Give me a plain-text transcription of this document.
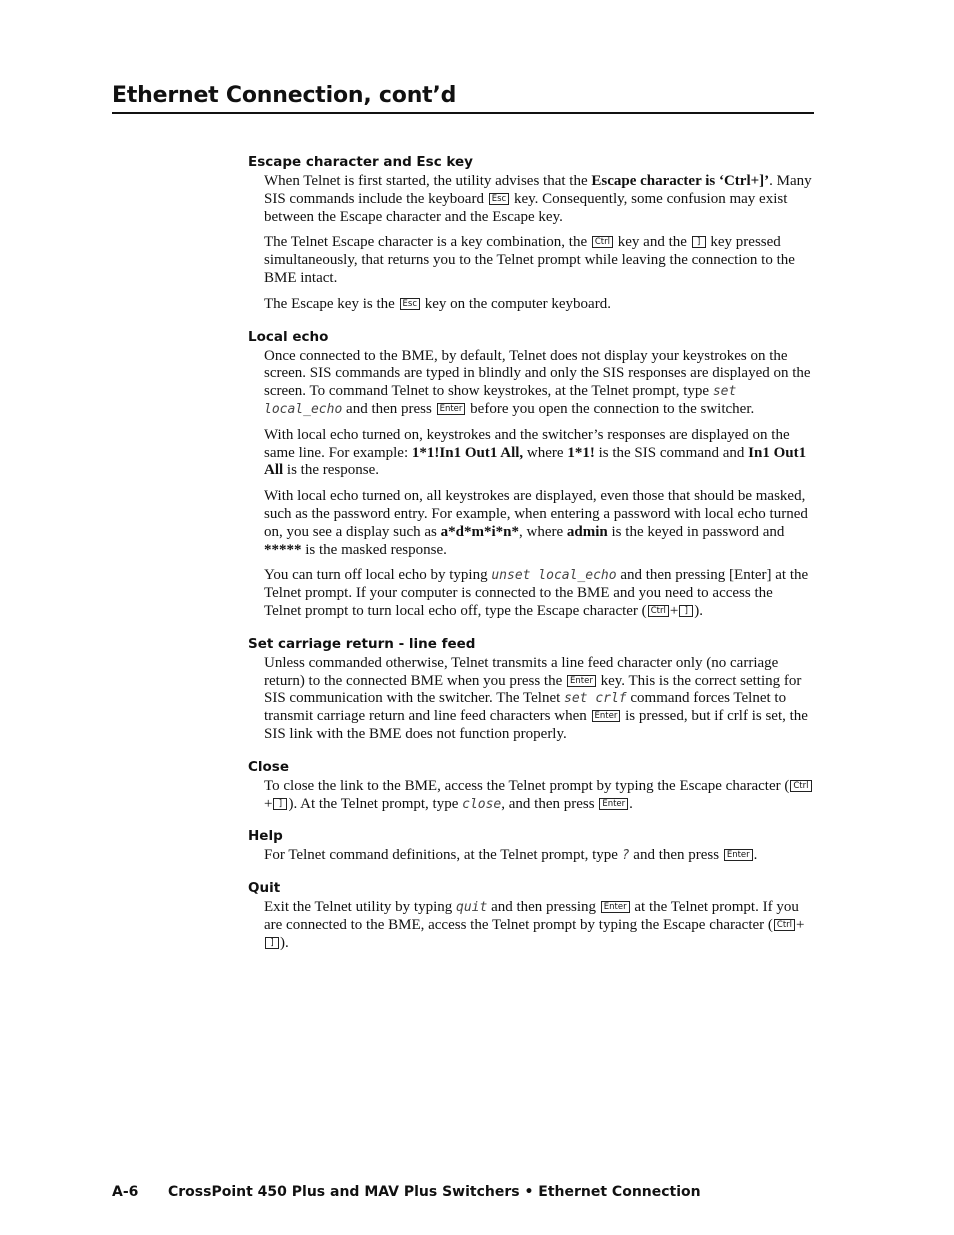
Ethernet Connection, cont’d
Escape character and Esc key

When Telnet is first started, the utility advises that the Escape character is ‘Ctrl+]’. Many SIS commands include the keyboard Esc key. Consequently, some confusion may exist between the Escape character and the Escape key.

The Telnet Escape character is a key combination, the Ctrl key and the ] key pressed simultaneously, that returns you to the Telnet prompt while leaving the connection to the BME intact.

The Escape key is the Esc key on the computer keyboard.

Local echo

Once connected to the BME, by default, Telnet does not display your keystrokes on the screen. SIS commands are typed in blindly and only the SIS responses are displayed on the screen. To command Telnet to show keystrokes, at the Telnet prompt, type set local_echo and then press Enter before you open the connection to the switcher.

With local echo turned on, keystrokes and the switcher’s responses are displayed on the same line. For example: 1*1!In1 Out1 All, where 1*1! is the SIS command and In1 Out1 All is the response.

With local echo turned on, all keystrokes are displayed, even those that should be masked, such as the password entry. For example, when entering a password with local echo turned on, you see a display such as a*d*m*i*n*, where admin is the keyed in password and ***** is the masked response.

You can turn off local echo by typing unset local_echo and then pressing [Enter] at the Telnet prompt. If your computer is connected to the BME and you need to access the Telnet prompt to turn local echo off, type the Escape character ( Ctrl + ] ).

Set carriage return - line feed

Unless commanded otherwise, Telnet transmits a line feed character only (no carriage return) to the connected BME when you press the Enter key. This is the correct setting for SIS communication with the switcher. The Telnet set crlf command forces Telnet to transmit carriage return and line feed characters when Enter is pressed, but if crlf is set, the SIS link with the BME does not function properly.

Close

To close the link to the BME, access the Telnet prompt by typing the Escape character ( Ctrl+ ] ). At the Telnet prompt, type close, and then press Enter .

Help

For Telnet command definitions, at the Telnet prompt, type ? and then press Enter .

Quit

Exit the Telnet utility by typing quit and then pressing Enter at the Telnet prompt. If you are connected to the BME, access the Telnet prompt by typing the Escape character ( Ctrl +] ).

A-6 CrossPoint 450 Plus and MAV Plus Switchers • Ethernet Connection
